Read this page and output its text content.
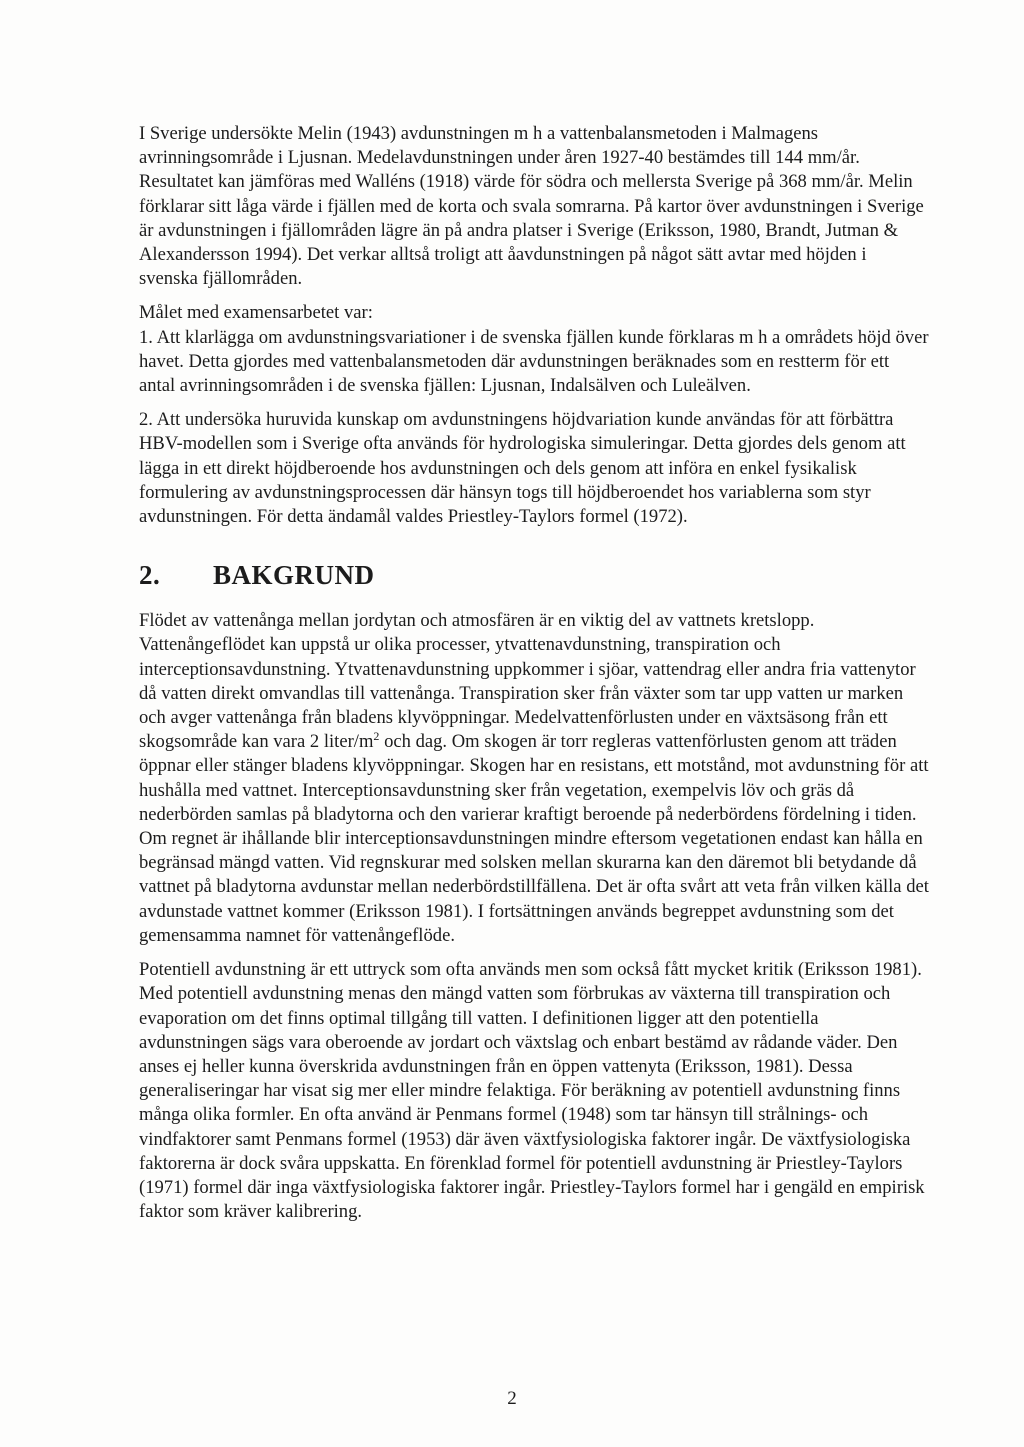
I Sverige undersökte Melin (1943) avdunstningen m h a vattenbalansmetoden i Malmagens avrinningsområde i Ljusnan. Medelavdunstningen under åren 1927-40 bestämdes till 144 mm/år. Resultatet kan jämföras med Walléns (1918) värde för södra och mellersta Sverige på 368 mm/år. Melin förklarar sitt låga värde i fjällen med de korta och svala somrarna. På kartor över avdunstningen i Sverige är avdunstningen i fjällområden lägre än på andra platser i Sverige (Eriksson, 1980, Brandt, Jutman & Alexandersson 1994). Det verkar alltså troligt att åavdunstningen på något sätt avtar med höjden i svenska fjällområden.

Målet med examensarbetet var:

1. Att klarlägga om avdunstningsvariationer i de svenska fjällen kunde förklaras m h a områdets höjd över havet. Detta gjordes med vattenbalansmetoden där avdunstningen beräknades som en restterm för ett antal avrinningsområden i de svenska fjällen: Ljusnan, Indalsälven och Luleälven.

2. Att undersöka huruvida kunskap om avdunstningens höjdvariation kunde användas för att förbättra HBV-modellen som i Sverige ofta används för hydrologiska simuleringar. Detta gjordes dels genom att lägga in ett direkt höjdberoende hos avdunstningen och dels genom att införa en enkel fysikalisk formulering av avdunstningsprocessen där hänsyn togs till höjdberoendet hos variablerna som styr avdunstningen. För detta ändamål valdes Priestley-Taylors formel (1972).

2.	BAKGRUND

Flödet av vattenånga mellan jordytan och atmosfären är en viktig del av vattnets kretslopp. Vattenångeflödet kan uppstå ur olika processer, ytvattenavdunstning, transpiration och interceptionsavdunstning. Ytvattenavdunstning uppkommer i sjöar, vattendrag eller andra fria vattenytor då vatten direkt omvandlas till vattenånga. Transpiration sker från växter som tar upp vatten ur marken och avger vattenånga från bladens klyvöppningar. Medelvattenförlusten under en växtsäsong från ett skogsområde kan vara 2 liter/$m^2$ och dag. Om skogen är torr regleras vattenförlusten genom att träden öppnar eller stänger bladens klyvöppningar. Skogen har en resistans, ett motstånd, mot avdunstning för att hushålla med vattnet. Interceptionsavdunstning sker från vegetation, exempelvis löv och gräs då nederbörden samlas på bladytorna och den varierar kraftigt beroende på nederbördens fördelning i tiden. Om regnet är ihållande blir interceptionsavdunstningen mindre eftersom vegetationen endast kan hålla en begränsad mängd vatten. Vid regnskurar med solsken mellan skurarna kan den däremot bli betydande då vattnet på bladytorna avdunstar mellan nederbördstillfällena. Det är ofta svårt att veta från vilken källa det avdunstade vattnet kommer (Eriksson 1981). I fortsättningen används begreppet avdunstning som det gemensamma namnet för vattenångeflöde.

Potentiell avdunstning är ett uttryck som ofta används men som också fått mycket kritik (Eriksson 1981). Med potentiell avdunstning menas den mängd vatten som förbrukas av växterna till transpiration och evaporation om det finns optimal tillgång till vatten. I definitionen ligger att den potentiella avdunstningen sägs vara oberoende av jordart och växtslag och enbart bestämd av rådande väder. Den anses ej heller kunna överskrida avdunstningen från en öppen vattenyta (Eriksson, 1981). Dessa generaliseringar har visat sig mer eller mindre felaktiga. För beräkning av potentiell avdunstning finns många olika formler. En ofta använd är Penmans formel (1948) som tar hänsyn till strålnings- och vindfaktorer samt Penmans formel (1953) där även växtfysiologiska faktorer ingår. De växtfysiologiska faktorerna är dock svåra uppskatta. En förenklad formel för potentiell avdunstning är Priestley-Taylors (1971) formel där inga växtfysiologiska faktorer ingår. Priestley-Taylors formel har i gengäld en empirisk faktor som kräver kalibrering.

2
